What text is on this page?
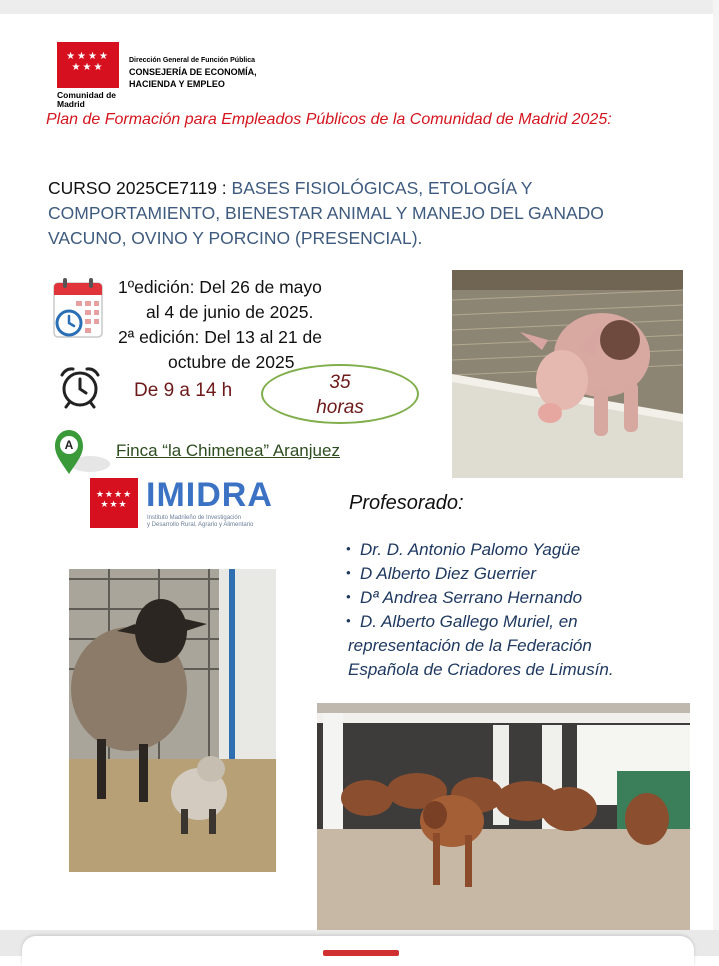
★★★★
★★★
Comunidad de Madrid
Dirección General de Función Pública
CONSEJERÍA DE ECONOMÍA,
HACIENDA Y EMPLEO
Plan de Formación para Empleados Públicos de la Comunidad de Madrid 2025:
CURSO 2025CE7119 : BASES FISIOLÓGICAS, ETOLOGÍA Y COMPORTAMIENTO, BIENESTAR ANIMAL Y MANEJO DEL GANADO VACUNO, OVINO Y PORCINO (PRESENCIAL).
1ºedición: Del 26 de mayo
al 4 de junio de 2025.
2ª edición: Del 13 al 21 de
octubre de 2025
De 9 a 14 h	35
horas
A	Finca “la Chimenea” Aranjuez
★★★★
★★★ IMIDRA
Instituto Madrileño de Investigación
y Desarrollo Rural, Agrario y Alimentario
Profesorado:
• Dr. D. Antonio Palomo Yagüe
• D Alberto Diez Guerrier
• Dª Andrea Serrano Hernando
• D. Alberto Gallego Muriel, en
representación de la Federación
Española de Criadores de Limusín.
